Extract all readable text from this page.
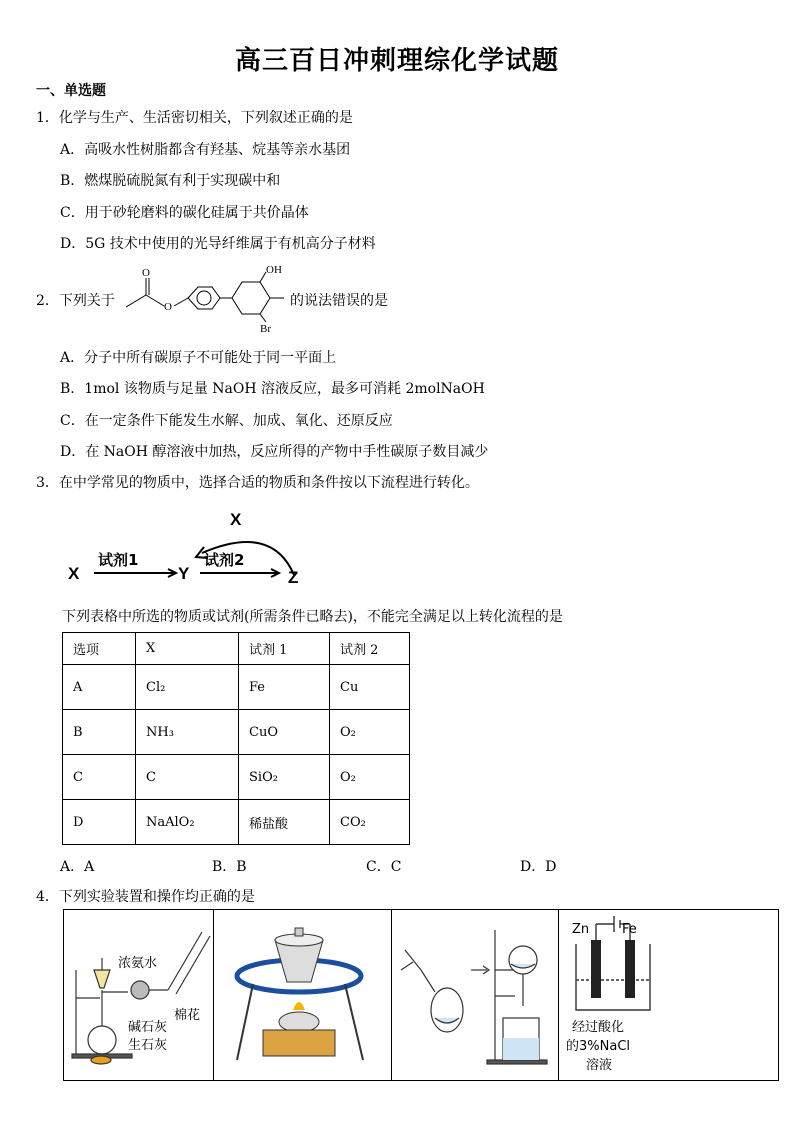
高三百日冲刺理综化学试题
一、单选题
1．化学与生产、生活密切相关，下列叙述正确的是
A．高吸水性树脂都含有羟基、烷基等亲水基团
B．燃煤脱硫脱氮有利于实现碳中和
C．用于砂轮磨料的碳化硅属于共价晶体
D．5G 技术中使用的光导纤维属于有机高分子材料
2．下列关于
O
O
OH
Br
的说法错误的是
A．分子中所有碳原子不可能处于同一平面上
B．1mol 该物质与足量 NaOH 溶液反应，最多可消耗 2molNaOH
C．在一定条件下能发生水解、加成、氧化、还原反应
D．在 NaOH 醇溶液中加热，反应所得的产物中手性碳原子数目减少
3．在中学常见的物质中，选择合适的物质和条件按以下流程进行转化。
X	Y	Z
X
试剂1	试剂2
下列表格中所选的物质或试剂(所需条件已略去)，不能完全满足以上转化流程的是
选项	X	试剂 1	试剂 2
A	Cl₂	Fe	Cu
B	NH₃	CuO	O₂
C	C	SiO₂	O₂
D	NaAlO₂	稀盐酸	CO₂
A．A	B．B	C．C	D．D
4．下列实验装置和操作均正确的是
浓氨水
棉花
碱石灰
生石灰
Zn	Fe
经过酸化
的3%NaCl
溶液
